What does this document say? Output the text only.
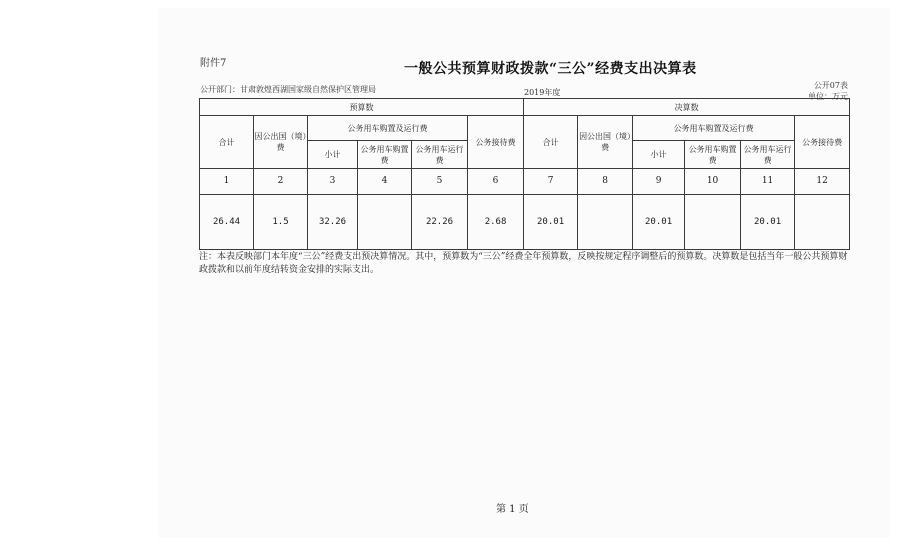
附件7	一般公共预算财政拨款“三公”经费支出决算表
公开部门：甘肃敦煌西湖国家级自然保护区管理局	2019年度
公开07表
单位：万元
预算数						决算数					
合计	因公出国（境）费	公务用车购置及运行费			公务接待费	合计	因公出国（境）费	公务用车购置及运行费			公务接待费
		小计	公务用车购置费	公务用车运行费				小计	公务用车购置费	公务用车运行费	
1	2	3	4	5	6	7	8	9	10	11	12
26.44	1.5	32.26		22.26	2.68	20.01		20.01		20.01	
注：本表反映部门本年度“三公”经费支出预决算情况。其中，预算数为“三公”经费全年预算数，反映按规定程序调整后的预算数。决算数是包括当年一般公共预算财政拨款和以前年度结转资金安排的实际支出。
第 1 页
